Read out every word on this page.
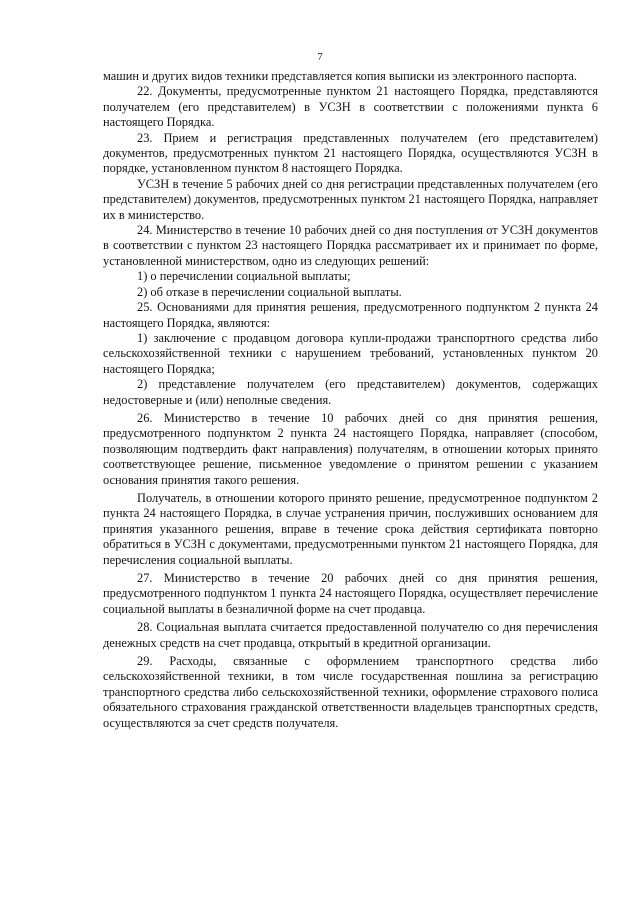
7

машин и других видов техники представляется копия выписки из электронного паспорта.

22. Документы, предусмотренные пунктом 21 настоящего Порядка, представляются получателем (его представителем) в УСЗН в соответствии с положениями пункта 6 настоящего Порядка.

23. Прием и регистрация представленных получателем (его представителем) документов, предусмотренных пунктом 21 настоящего Порядка, осуществляются УСЗН в порядке, установленном пунктом 8 настоящего Порядка.

УСЗН в течение 5 рабочих дней со дня регистрации представленных получателем (его представителем) документов, предусмотренных пунктом 21 настоящего Порядка, направляет их в министерство.

24. Министерство в течение 10 рабочих дней со дня поступления от УСЗН документов в соответствии с пунктом 23 настоящего Порядка рассматривает их и принимает по форме, установленной министерством, одно из следующих решений:

1) о перечислении социальной выплаты;

2) об отказе в перечислении социальной выплаты.

25. Основаниями для принятия решения, предусмотренного подпунктом 2 пункта 24 настоящего Порядка, являются:

1) заключение с продавцом договора купли-продажи транспортного средства либо сельскохозяйственной техники с нарушением требований, установленных пунктом 20 настоящего Порядка;

2) представление получателем (его представителем) документов, содержащих недостоверные и (или) неполные сведения.

26. Министерство в течение 10 рабочих дней со дня принятия решения, предусмотренного подпунктом 2 пункта 24 настоящего Порядка, направляет (способом, позволяющим подтвердить факт направления) получателям, в отношении которых принято соответствующее решение, письменное уведомление о принятом решении с указанием основания принятия такого решения.

Получатель, в отношении которого принято решение, предусмотренное подпунктом 2 пункта 24 настоящего Порядка, в случае устранения причин, послуживших основанием для принятия указанного решения, вправе в течение срока действия сертификата повторно обратиться в УСЗН с документами, предусмотренными пунктом 21 настоящего Порядка, для перечисления социальной выплаты.

27. Министерство в течение 20 рабочих дней со дня принятия решения, предусмотренного подпунктом 1 пункта 24 настоящего Порядка, осуществляет перечисление социальной выплаты в безналичной форме на счет продавца.

28. Социальная выплата считается предоставленной получателю со дня перечисления денежных средств на счет продавца, открытый в кредитной организации.

29. Расходы, связанные с оформлением транспортного средства либо сельскохозяйственной техники, в том числе государственная пошлина за регистрацию транспортного средства либо сельскохозяйственной техники, оформление страхового полиса обязательного страхования гражданской ответственности владельцев транспортных средств, осуществляются за счет средств получателя.
